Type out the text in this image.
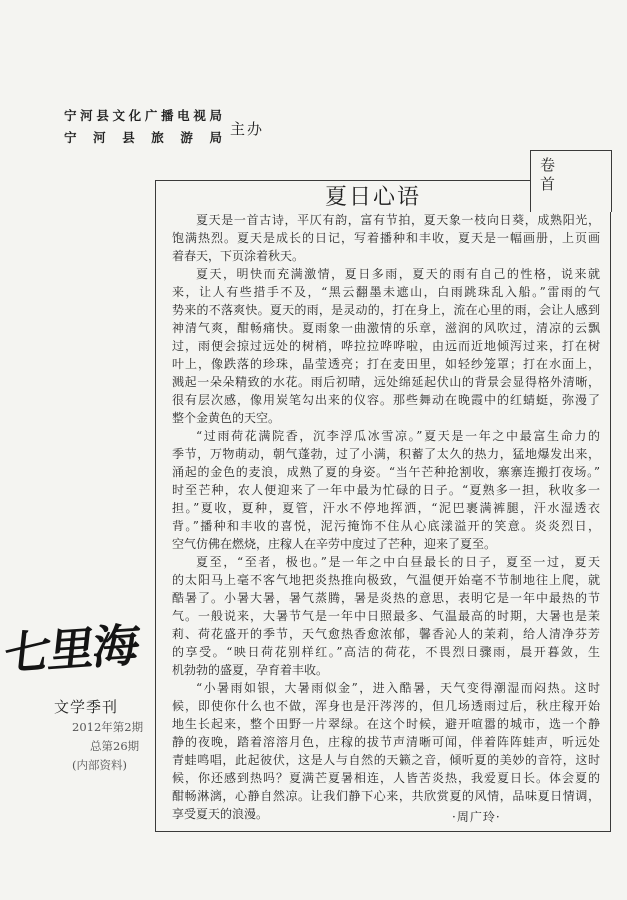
宁河县文化广播电视局
宁河县旅游局 主办
卷首
夏日心语
夏天是一首古诗，平仄有韵，富有节拍，夏天象一枝向日葵，成熟阳光，
饱满热烈。夏天是成长的日记，写着播种和丰收，夏天是一幅画册，上页画
着春天，下页涂着秋天。
夏天，明快而充满激情，夏日多雨，夏天的雨有自己的性格，说来就
来，让人有些措手不及，“黑云翻墨未遮山，白雨跳珠乱入船。”雷雨的气
势来的不落爽快。夏天的雨，是灵动的，打在身上，流在心里的雨，会让人感到
神清气爽，酣畅痛快。夏雨象一曲激情的乐章，滋润的风吹过，清凉的云飘
过，雨便会掠过远处的树梢，哗拉拉哗哗啦，由远而近地倾泻过来，打在树
叶上，像跌落的珍珠，晶莹透亮；打在麦田里，如轻纱笼罩；打在水面上，
溅起一朵朵精致的水花。雨后初晴，远处绵延起伏山的背景会显得格外清晰，
很有层次感，像用炭笔勾出来的仪容。那些舞动在晚霞中的红蜻蜓，弥漫了
整个金黄色的天空。
“过雨荷花满院香，沉李浮瓜冰雪凉。”夏天是一年之中最富生命力的
季节，万物萌动，朝气蓬勃，过了小满，积蓄了太久的热力，猛地爆发出来，
涌起的金色的麦浪，成熟了夏的身姿。“当午芒种抢割收，寨寨连搬打夜场。”
时至芒种，农人便迎来了一年中最为忙碌的日子。“夏熟多一担，秋收多一
担。”夏收，夏种，夏管，汗水不停地挥洒，“泥巴裹满裤腿，汗水湿透衣
背。”播种和丰收的喜悦，泥污掩饰不住从心底漾溢开的笑意。炎炎烈日，
空气仿佛在燃烧，庄稼人在辛劳中度过了芒种，迎来了夏至。
夏至，“至者，极也。”是一年之中白昼最长的日子，夏至一过，夏天
的太阳马上毫不客气地把炎热推向极致，气温便开始毫不节制地往上爬，就
酷暑了。小暑大暑，暑气蒸腾，暑是炎热的意思，表明它是一年中最热的节
气。一般说来，大暑节气是一年中日照最多、气温最高的时期，大暑也是茉
莉、荷花盛开的季节，天气愈热香愈浓郁，馨香沁人的茉莉，给人清净芬芳
的享受。“映日荷花别样红。”高洁的荷花，不畏烈日骤雨，晨开暮敛，生
机勃勃的盛夏，孕育着丰收。
“小暑雨如银，大暑雨似金”，进入酷暑，天气变得潮湿而闷热。这时
候，即使你什么也不做，浑身也是汗涔涔的，但几场透雨过后，秋庄稼开始
地生长起来，整个田野一片翠绿。在这个时候，避开喧嚣的城市，选一个静
静的夜晚，踏着溶溶月色，庄稼的拔节声清晰可闻，伴着阵阵蛙声，听远处
青蛙鸣唱，此起彼伏，这是人与自然的天籁之音，倾听夏的美妙的音符，这时
候，你还感到热吗？夏满芒夏暑相连，人皆苦炎热，我爱夏日长。体会夏的
酣畅淋漓，心静自然凉。让我们静下心来，共欣赏夏的风情，品味夏日情调，
享受夏天的浪漫。	·周广玲·
七里海
文学季刊
2012年第2期
总第26期
(内部资料)
